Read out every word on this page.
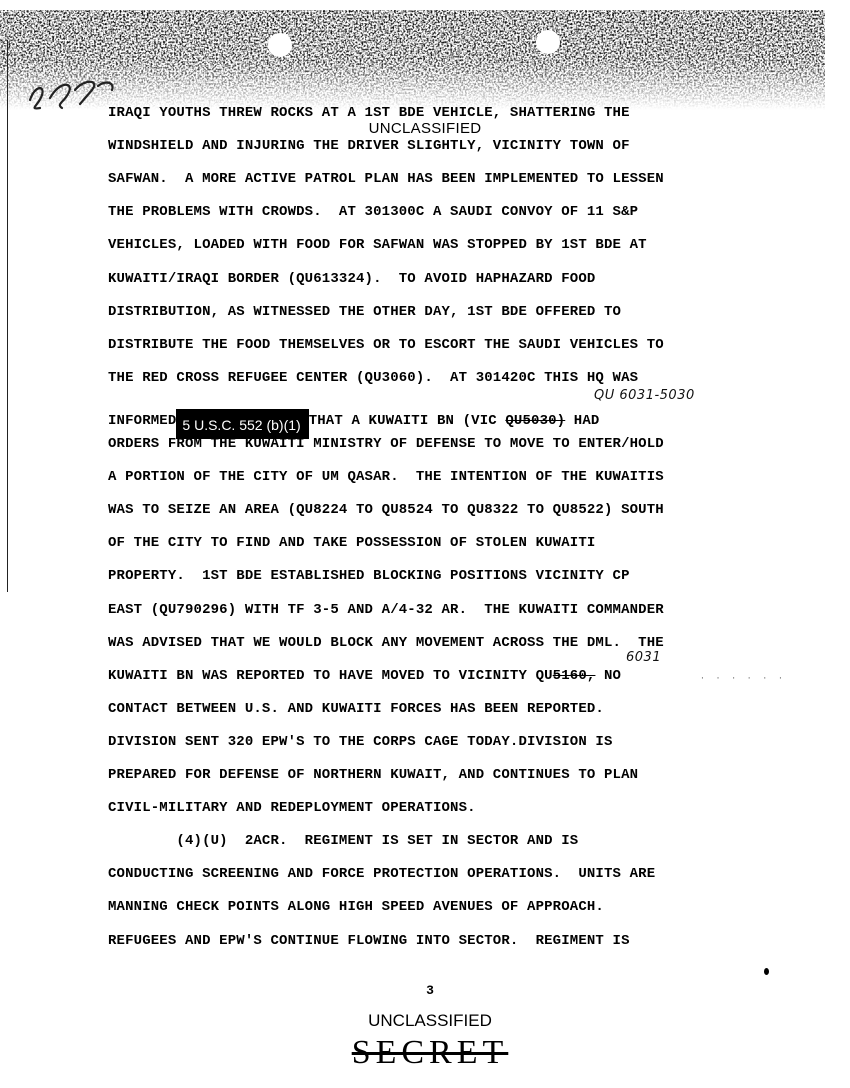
UNCLASSIFIED
IRAQI YOUTHS THREW ROCKS AT A 1ST BDE VEHICLE, SHATTERING THE
WINDSHIELD AND INJURING THE DRIVER SLIGHTLY, VICINITY TOWN OF
SAFWAN.  A MORE ACTIVE PATROL PLAN HAS BEEN IMPLEMENTED TO LESSEN
THE PROBLEMS WITH CROWDS.  AT 301300C A SAUDI CONVOY OF 11 S&P
VEHICLES, LOADED WITH FOOD FOR SAFWAN WAS STOPPED BY 1ST BDE AT
KUWAITI/IRAQI BORDER (QU613324).  TO AVOID HAPHAZARD FOOD
DISTRIBUTION, AS WITNESSED THE OTHER DAY, 1ST BDE OFFERED TO
DISTRIBUTE THE FOOD THEMSELVES OR TO ESCORT THE SAUDI VEHICLES TO
THE RED CROSS REFUGEE CENTER (QU3060).  AT 301420C THIS HQ WAS
INFORMED 5 U.S.C. 552 (b)(1) THAT A KUWAITI BN (VIC QU5030) HAD
ORDERS FROM THE KUWAITI MINISTRY OF DEFENSE TO MOVE TO ENTER/HOLD
A PORTION OF THE CITY OF UM QASAR.  THE INTENTION OF THE KUWAITIS
WAS TO SEIZE AN AREA (QU8224 TO QU8524 TO QU8322 TO QU8522) SOUTH
OF THE CITY TO FIND AND TAKE POSSESSION OF STOLEN KUWAITI
PROPERTY.  1ST BDE ESTABLISHED BLOCKING POSITIONS VICINITY CP
EAST (QU790296) WITH TF 3-5 AND A/4-32 AR.  THE KUWAITI COMMANDER
WAS ADVISED THAT WE WOULD BLOCK ANY MOVEMENT ACROSS THE DML.  THE
KUWAITI BN WAS REPORTED TO HAVE MOVED TO VICINITY QU5160, NO
CONTACT BETWEEN U.S. AND KUWAITI FORCES HAS BEEN REPORTED.
DIVISION SENT 320 EPW'S TO THE CORPS CAGE TODAY.DIVISION IS
PREPARED FOR DEFENSE OF NORTHERN KUWAIT, AND CONTINUES TO PLAN
CIVIL-MILITARY AND REDEPLOYMENT OPERATIONS.
(4)(U)  2ACR.  REGIMENT IS SET IN SECTOR AND IS
CONDUCTING SCREENING AND FORCE PROTECTION OPERATIONS.  UNITS ARE
MANNING CHECK POINTS ALONG HIGH SPEED AVENUES OF APPROACH.
REFUGEES AND EPW'S CONTINUE FLOWING INTO SECTOR.  REGIMENT IS
QU 6031-5030
6031
· · · · · ·
3
UNCLASSIFIED
SECRET
